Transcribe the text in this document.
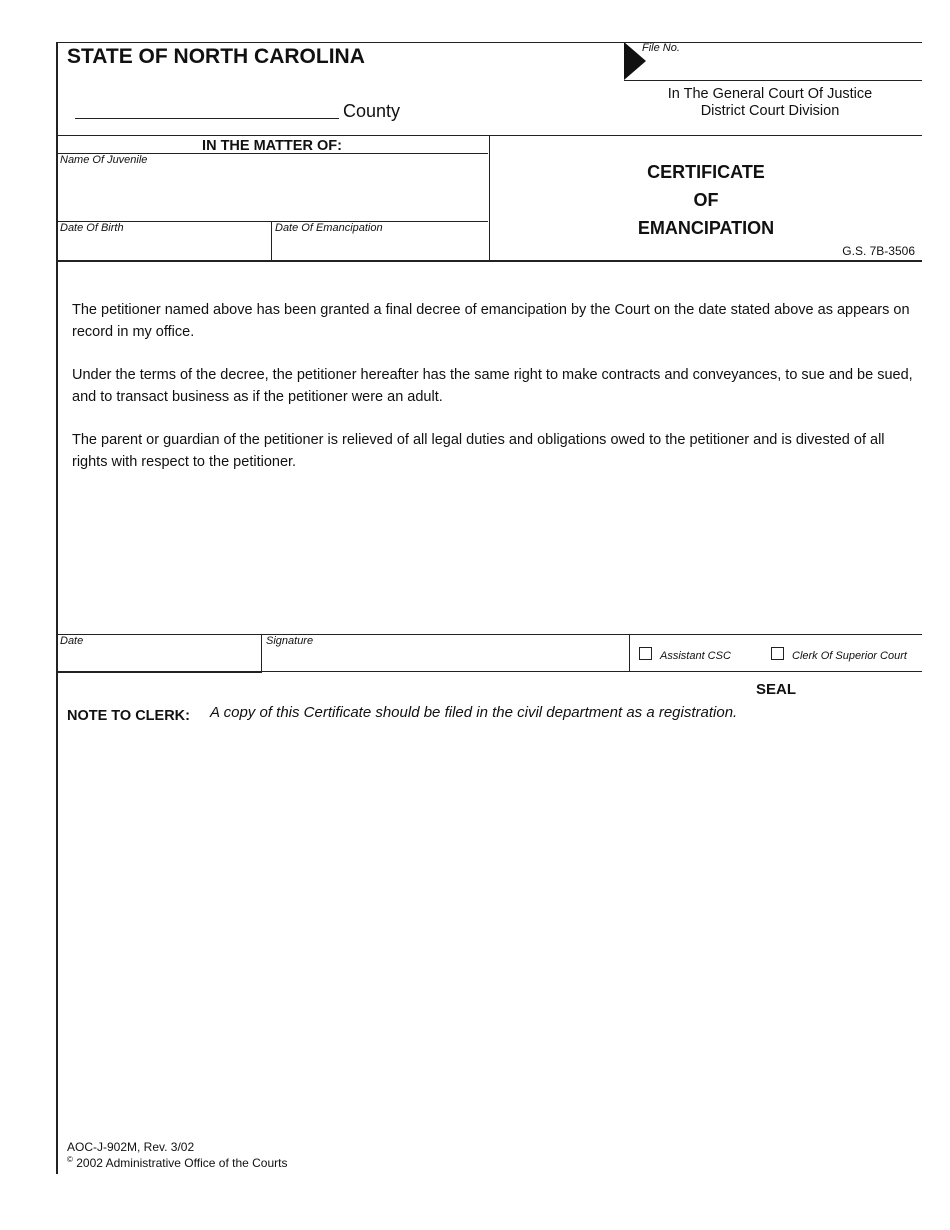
STATE OF NORTH CAROLINA
County
File No.
In The General Court Of Justice
District Court Division
IN THE MATTER OF:
Name Of Juvenile
Date Of Birth	Date Of Emancipation
CERTIFICATE
OF
EMANCIPATION
G.S. 7B-3506
The petitioner named above has been granted a final decree of emancipation by the Court on the date stated above as appears on record in my office.
Under the terms of the decree, the petitioner hereafter has the same right to make contracts and conveyances, to sue and be sued, and to transact business as if the petitioner were an adult.
The parent or guardian of the petitioner is relieved of all legal duties and obligations owed to the petitioner and is divested of all rights with respect to the petitioner.
Date	Signature
Assistant CSC	Clerk Of Superior Court
SEAL
NOTE TO CLERK: A copy of this Certificate should be filed in the civil department as a registration.
AOC-J-902M, Rev. 3/02
© 2002 Administrative Office of the Courts
